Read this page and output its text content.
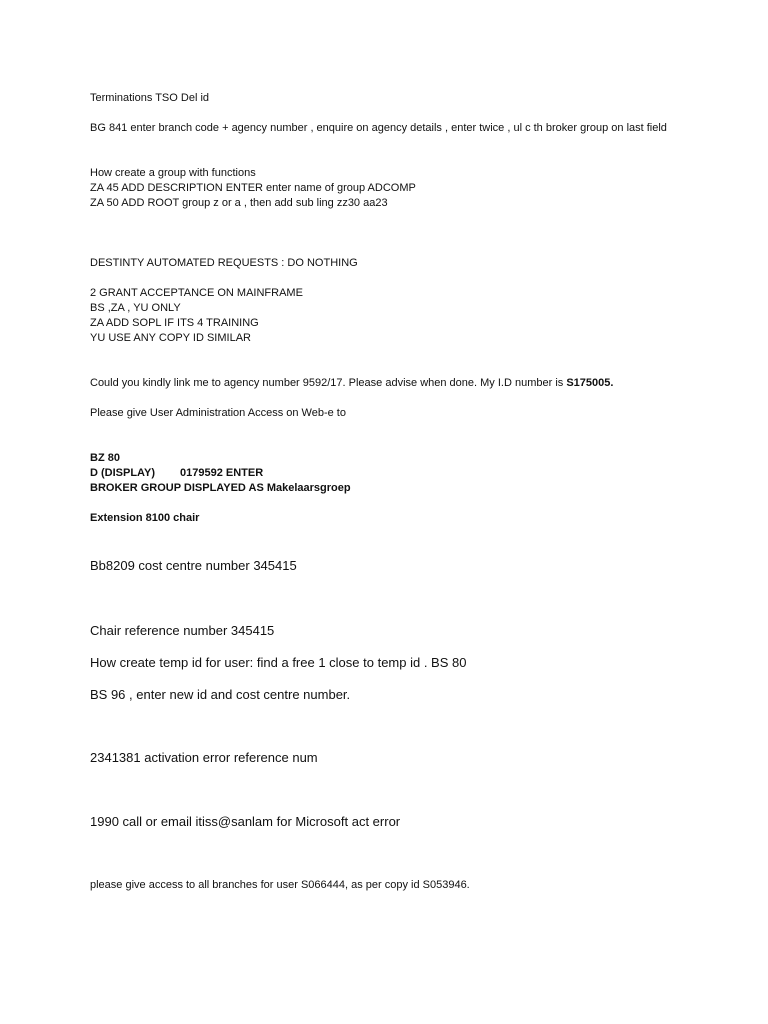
Terminations TSO Del id

BG 841 enter branch code + agency number , enquire on agency details , enter twice , ul c th broker group on last field

How create a group with functions

ZA 45 ADD DESCRIPTION ENTER enter name of group ADCOMP

ZA 50 ADD ROOT group z or a , then add sub ling zz30 aa23

DESTINTY AUTOMATED REQUESTS : DO NOTHING

2 GRANT ACCEPTANCE ON MAINFRAME

BS ,ZA , YU ONLY

ZA ADD SOPL IF ITS 4 TRAINING

YU USE ANY COPY ID SIMILAR

Could you kindly link me to agency number 9592/17. Please advise when done. My I.D number is S175005.

Please give User Administration Access on Web-e to

BZ 80

D (DISPLAY) 0179592 ENTER

BROKER GROUP DISPLAYED AS Makelaarsgroep

Extension 8100 chair

Bb8209 cost centre number 345415

Chair reference number 345415

How create temp id for user: find a free 1 close to temp id . BS 80

BS 96 , enter new id and cost centre number.

2341381 activation error reference num

1990 call or email itiss@sanlam for Microsoft act error

please give access to all branches for user S066444, as per copy id S053946.
